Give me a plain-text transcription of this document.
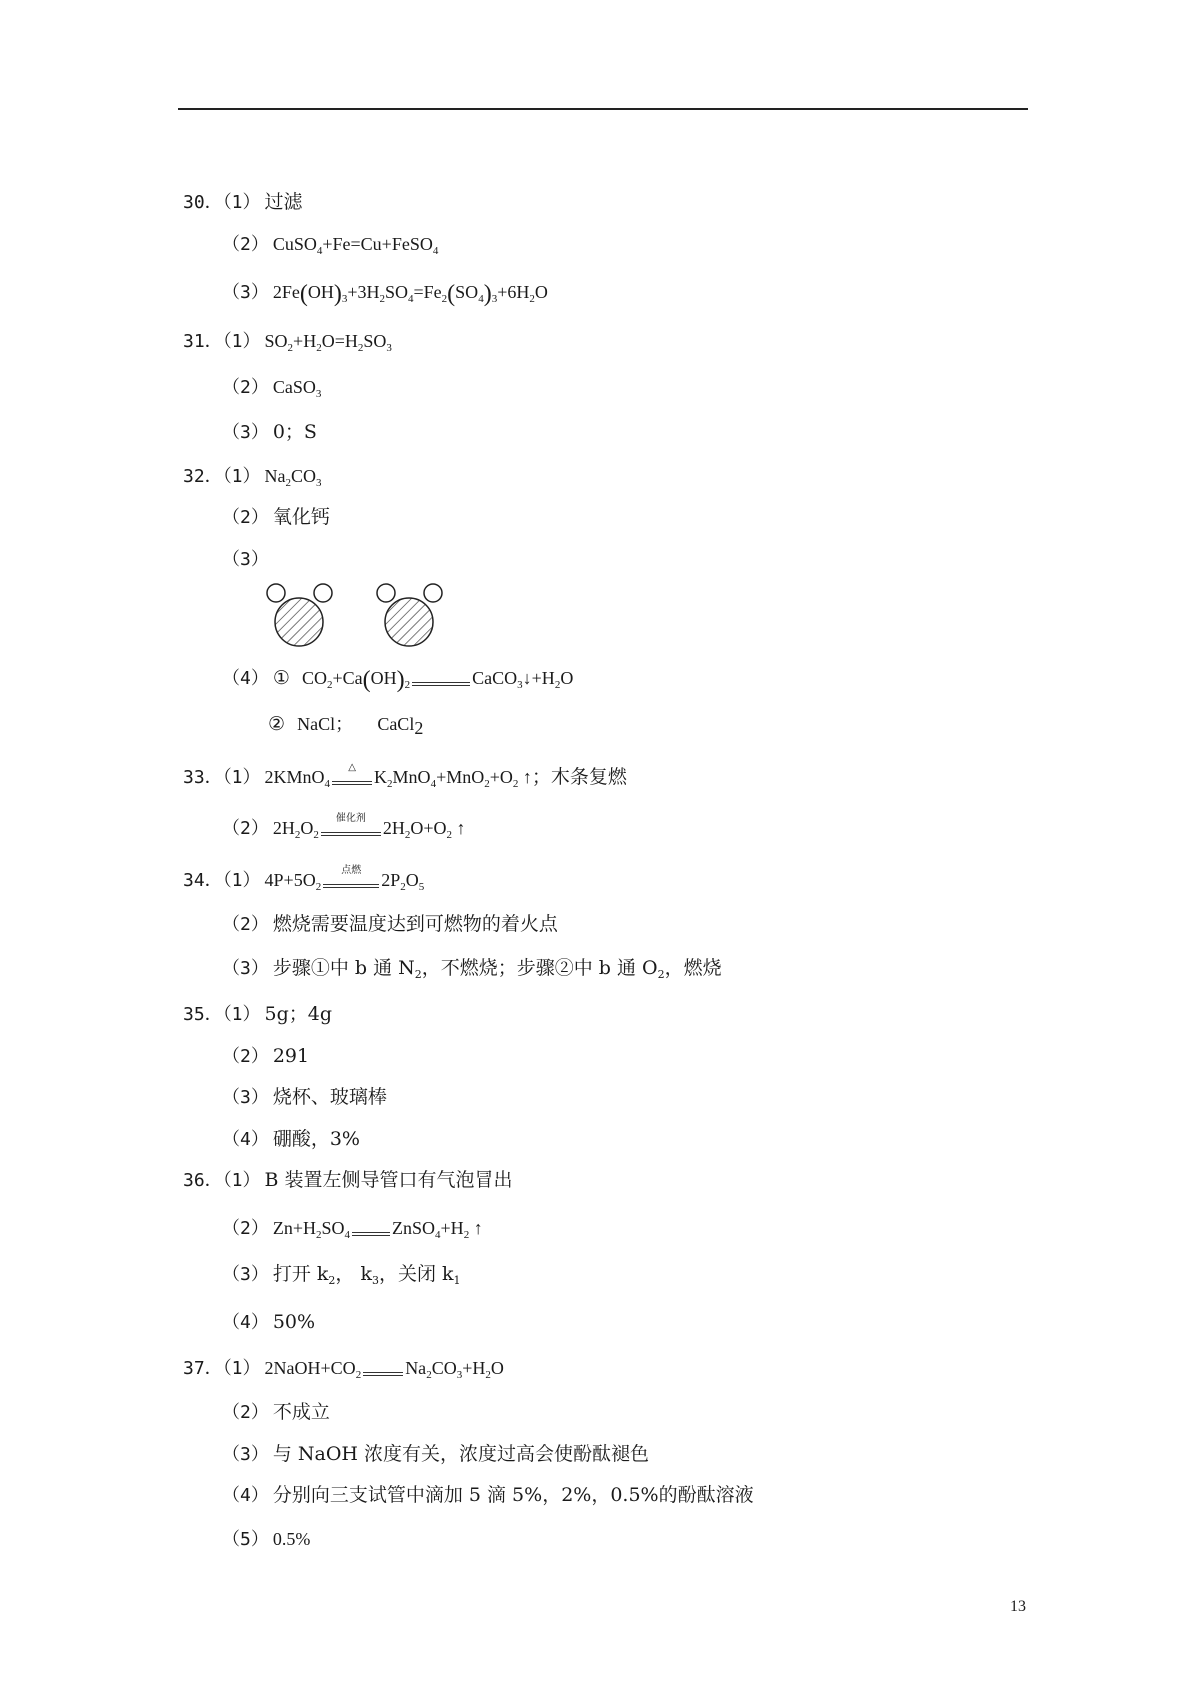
30．（1） 过滤
（2） CuSO$_4$+Fe=Cu+FeSO$_4$
（3） $2Fe(OH)_3+3H_2SO_4=Fe_2(SO_4)_3+6H_2O$
31．（1） $SO_2+H_2O=H_2SO_3$
（2） CaSO$_3$
（3） 0；S
32．（1） $Na_2CO_3$
（2） 氧化钙
（3）
（4） ① $CO_2+Ca(OH)_2$	$CaCO_3↓+H_2O$
② NaCl； CaCl$_2$
33．（1） 2KMnO$_4$
△	$K_2MnO_4+MnO_2+O_2$ ↑；木条复燃
（2） $2H_2O_2$
催化剂 $2H_2O+O_2$ ↑
34．（1） $4P+5O_2$
点燃	$2P_2O_5$
（2） 燃烧需要温度达到可燃物的着火点
（3） 步骤①中 b 通 $N_2$，不燃烧；步骤②中 b 通 $O_2$，燃烧
35．（1） 5g；4g
（2） 291
（3） 烧杯、玻璃棒
（4） 硼酸，3%
36．（1） B 装置左侧导管口有气泡冒出
（2） $Zn+H_2SO_4$ $ZnSO_4+H_2$ ↑
（3） 打开 $k_2$， $k_3$，关闭 $k_1$
（4） 50%
37．（1） $2NaOH+CO_2$ $Na_2CO_3+H_2O$
（2） 不成立
（3） 与 NaOH 浓度有关，浓度过高会使酚酞褪色
（4） 分别向三支试管中滴加 5 滴 5%，2%，0.5%的酚酞溶液
（5） 0.5%
13
